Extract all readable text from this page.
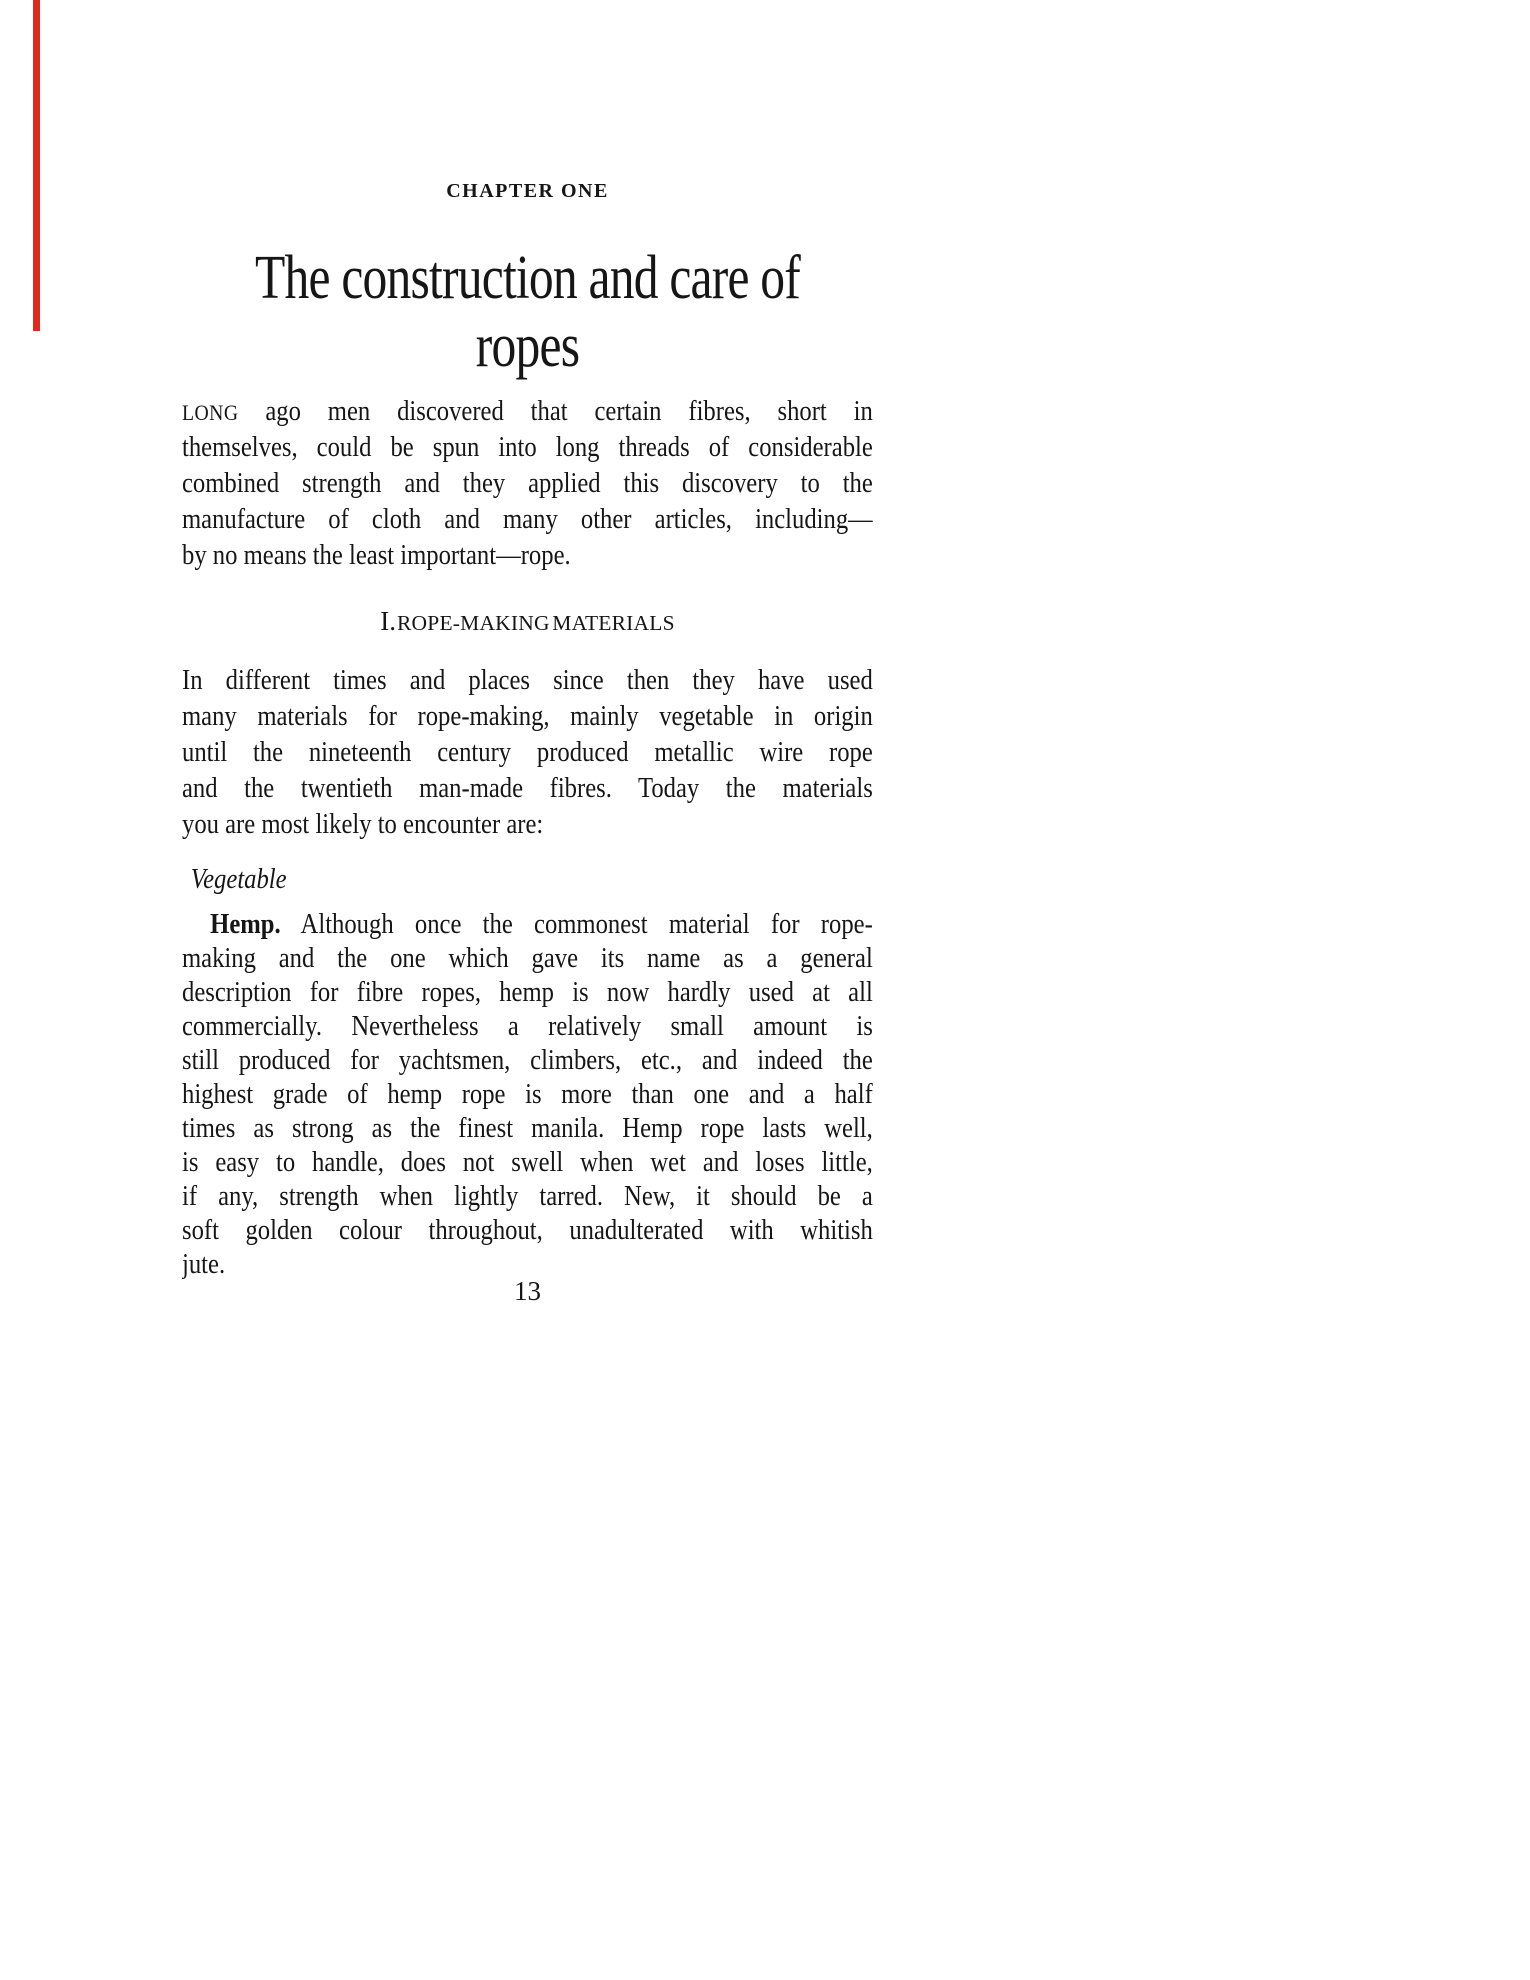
CHAPTER ONE
The construction and care of
ropes
LONG ago men discovered that certain fibres, short in
themselves, could be spun into long threads of considerable
combined strength and they applied this discovery to the
manufacture of cloth and many other articles, including—
by no means the least important—rope.
I. ROPE-MAKING MATERIALS
In different times and places since then they have used
many materials for rope-making, mainly vegetable in origin
until the nineteenth century produced metallic wire rope
and the twentieth man-made fibres. Today the materials
you are most likely to encounter are:
Vegetable
Hemp. Although once the commonest material for rope-
making and the one which gave its name as a general
description for fibre ropes, hemp is now hardly used at all
commercially. Nevertheless a relatively small amount is
still produced for yachtsmen, climbers, etc., and indeed the
highest grade of hemp rope is more than one and a half
times as strong as the finest manila. Hemp rope lasts well,
is easy to handle, does not swell when wet and loses little,
if any, strength when lightly tarred. New, it should be a
soft golden colour throughout, unadulterated with whitish
jute.
13
